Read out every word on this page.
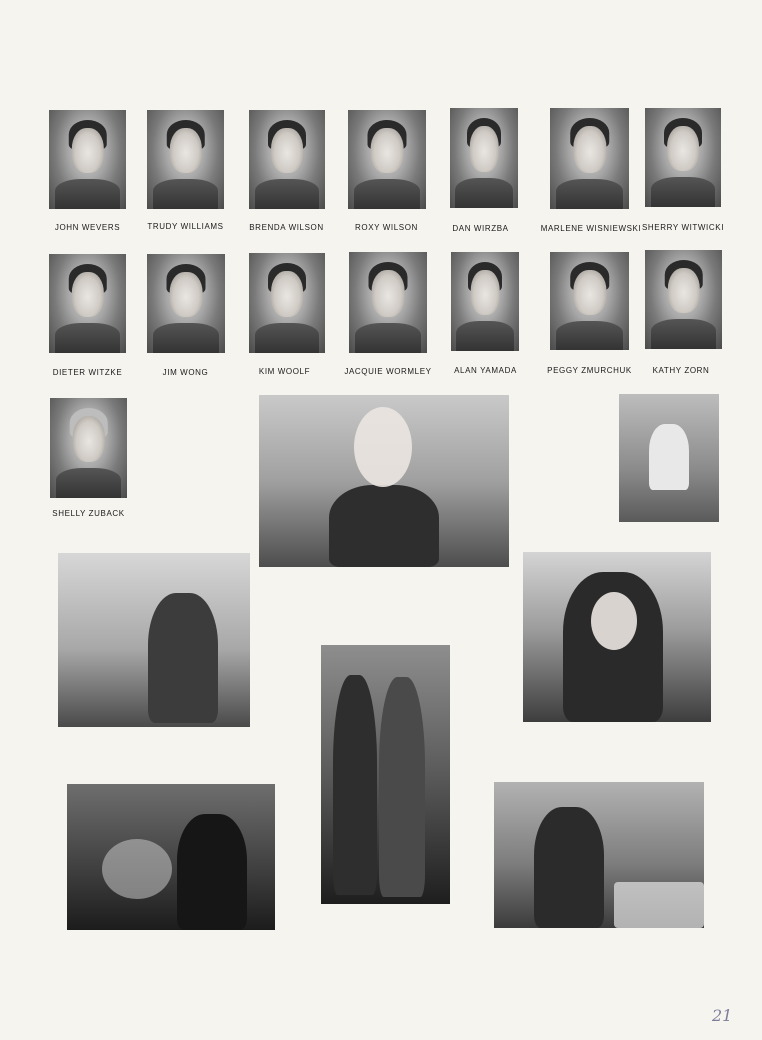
JOHN WEVERS	TRUDY WILLIAMS	BRENDA WILSON	ROXY WILSON	DAN WIRZBA	MARLENE WISNIEWSKI SHERRY WITWICKI
DIETER WITZKE	JIM WONG	KIM WOOLF	JACQUIE WORMLEY	ALAN YAMADA	PEGGY ZMURCHUK	KATHY ZORN
SHELLY ZUBACK
21
